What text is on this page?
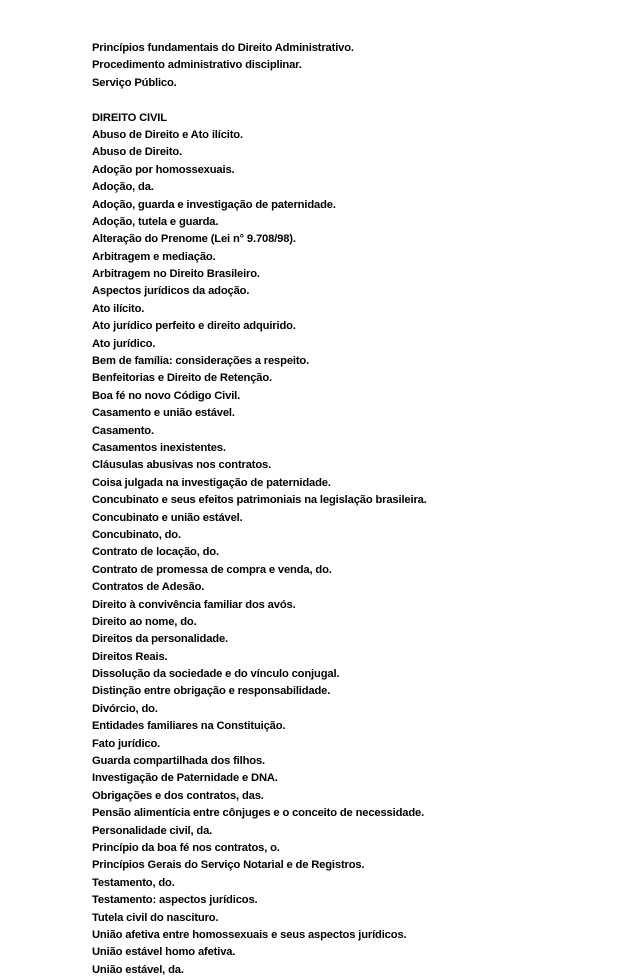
Princípios fundamentais do Direito Administrativo.
Procedimento administrativo disciplinar.
Serviço Público.
DIREITO CIVIL
Abuso de Direito e Ato ilícito.
Abuso de Direito.
Adoção por homossexuais.
Adoção, da.
Adoção, guarda e investigação de paternidade.
Adoção, tutela e guarda.
Alteração do Prenome (Lei n° 9.708/98).
Arbitragem e mediação.
Arbitragem no Direito Brasileiro.
Aspectos jurídicos da adoção.
Ato ilícito.
Ato jurídico perfeito e direito adquirido.
Ato jurídico.
Bem de família: considerações a respeito.
Benfeitorias e Direito de Retenção.
Boa fé no novo Código Civil.
Casamento e união estável.
Casamento.
Casamentos inexistentes.
Cláusulas abusivas nos contratos.
Coisa julgada na investigação de paternidade.
Concubinato e seus efeitos patrimoniais na legislação brasileira.
Concubinato e união estável.
Concubinato, do.
Contrato de locação, do.
Contrato de promessa de compra e venda, do.
Contratos de Adesão.
Direito à convivência familiar dos avós.
Direito ao nome, do.
Direitos da personalidade.
Direitos Reais.
Dissolução da sociedade e do vínculo conjugal.
Distinção entre obrigação e responsabilidade.
Divórcio, do.
Entidades familiares na Constituição.
Fato jurídico.
Guarda compartilhada dos filhos.
Investigação de Paternidade e DNA.
Obrigações e dos contratos, das.
Pensão alimentícia entre cônjuges e o conceito de necessidade.
Personalidade civil, da.
Princípio da boa fé nos contratos, o.
Princípios Gerais do Serviço Notarial e de Registros.
Testamento, do.
Testamento: aspectos jurídicos.
Tutela civil do nascituro.
União afetiva entre homossexuais e seus aspectos jurídicos.
União estável homo afetiva.
União estável, da.
